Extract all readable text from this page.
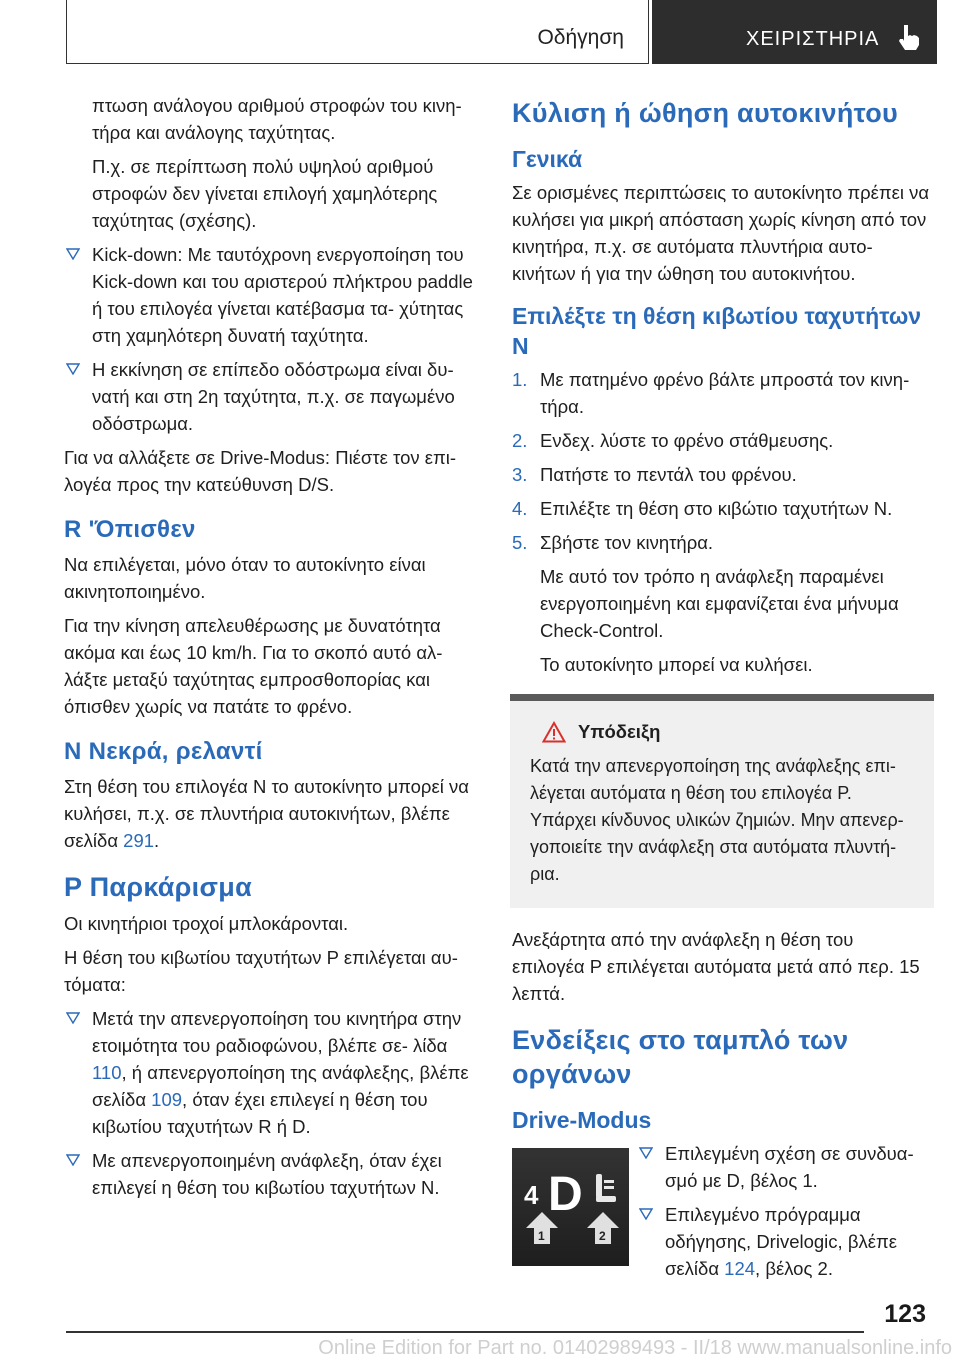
Οδήγηση	ΧΕΙΡΙΣΤΗΡΙΑ

πτωση ανάλογου αριθμού στροφών του κινη- τήρα και ανάλογης ταχύτητας.

Π.χ. σε περίπτωση πολύ υψηλού αριθμού στροφών δεν γίνεται επιλογή χαμηλότερης ταχύτητας (σχέσης).

Kick-down: Με ταυτόχρονη ενεργοποίηση του Kick-down και του αριστερού πλήκτρου paddle ή του επιλογέα γίνεται κατέβασμα τα- χύτητας στη χαμηλότερη δυνατή ταχύτητα.
Η εκκίνηση σε επίπεδο οδόστρωμα είναι δυ- νατή και στη 2η ταχύτητα, π.χ. σε παγωμένο οδόστρωμα.

Για να αλλάξετε σε Drive-Modus: Πιέστε τον επι- λογέα προς την κατεύθυνση D/S.

R 'Όπισθεν

Να επιλέγεται, μόνο όταν το αυτοκίνητο είναι ακινητοποιημένο.

Για την κίνηση απελευθέρωσης με δυνατότητα ακόμα και έως 10 km/h. Για το σκοπό αυτό αλ- λάξτε μεταξύ ταχύτητας εμπροσθοπορίας και όπισθεν χωρίς να πατάτε το φρένο.

N Νεκρά, ρελαντί

Στη θέση του επιλογέα N το αυτοκίνητο μπορεί να κυλήσει, π.χ. σε πλυντήρια αυτοκινήτων, βλέπε σελίδα 291.

P Παρκάρισμα

Οι κινητήριοι τροχοί μπλοκάρονται.

Η θέση του κιβωτίου ταχυτήτων P επιλέγεται αυ- τόματα:

Μετά την απενεργοποίηση του κινητήρα στην ετοιμότητα του ραδιοφώνου, βλέπε σε- λίδα 110, ή απενεργοποίηση της ανάφλεξης, βλέπε σελίδα 109, όταν έχει επιλεγεί η θέση του κιβωτίου ταχυτήτων R ή D.
Με απενεργοποιημένη ανάφλεξη, όταν έχει επιλεγεί η θέση του κιβωτίου ταχυτήτων N.
Κύλιση ή ώθηση αυτοκινήτου
Γενικά

Σε ορισμένες περιπτώσεις το αυτοκίνητο πρέπει να κυλήσει για μικρή απόσταση χωρίς κίνηση από τον κινητήρα, π.χ. σε αυτόματα πλυντήρια αυτο- κινήτων ή για την ώθηση του αυτοκινήτου.

Επιλέξτε τη θέση κιβωτίου ταχυτήτων N
1. Με πατημένο φρένο βάλτε μπροστά τον κινη- τήρα.
2. Ενδεχ. λύστε το φρένο στάθμευσης.
3. Πατήστε το πεντάλ του φρένου.
4. Επιλέξτε τη θέση στο κιβώτιο ταχυτήτων N.
5. Σβήστε τον κινητήρα.

Με αυτό τον τρόπο η ανάφλεξη παραμένει ενεργοποιημένη και εμφανίζεται ένα μήνυμα Check-Control.

Το αυτοκίνητο μπορεί να κυλήσει.

Υπόδειξη

Κατά την απενεργοποίηση της ανάφλεξης επι- λέγεται αυτόματα η θέση του επιλογέα P. Υπάρχει κίνδυνος υλικών ζημιών. Μην απενερ- γοποιείτε την ανάφλεξη στα αυτόματα πλυντή- ρια.

Ανεξάρτητα από την ανάφλεξη η θέση του επιλογέα P επιλέγεται αυτόματα μετά από περ. 15 λεπτά.

Ενδείξεις στο ταμπλό των οργάνων
Drive-Modus
4 D
1	2
Επιλεγμένη σχέση σε συνδυα- σμό με D, βέλος 1.
Επιλεγμένο πρόγραμμα οδήγησης, Drivelogic, βλέπε σελίδα 124, βέλος 2.
123
Online Edition for Part no. 01402989493 - II/18 www.manualsonline.info
